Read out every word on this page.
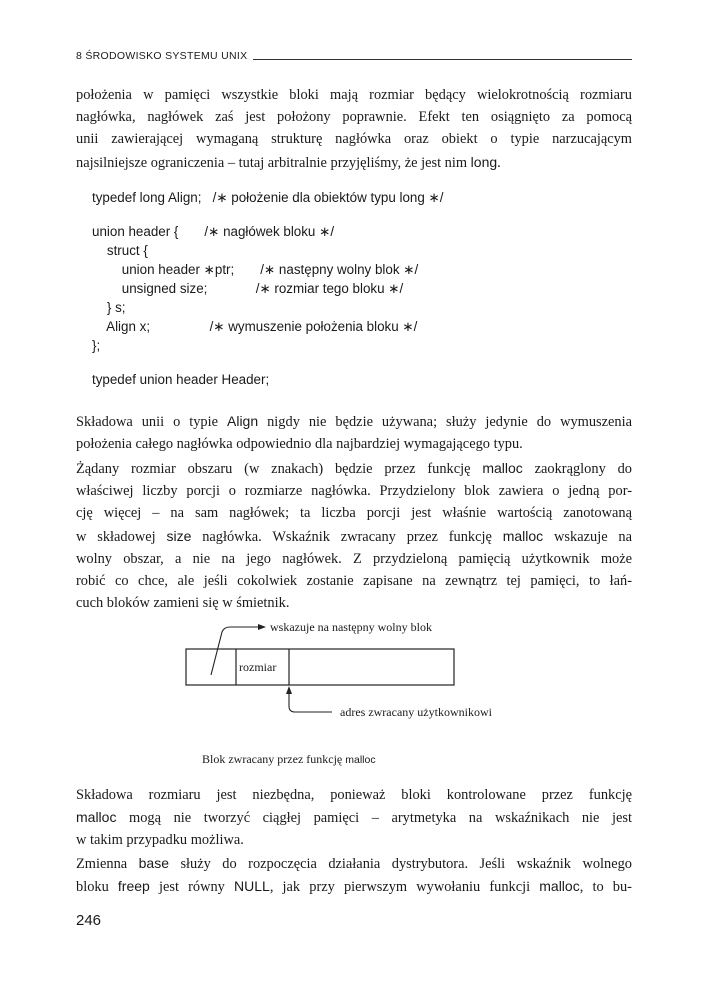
8 ŚRODOWISKO SYSTEMU UNIX
położenia w pamięci wszystkie bloki mają rozmiar będący wielokrotnością rozmiaru
nagłówka, nagłówek zaś jest położony poprawnie. Efekt ten osiągnięto za pomocą
unii zawierającej wymaganą strukturę nagłówka oraz obiekt o typie narzucającym
najsilniejsze ograniczenia – tutaj arbitralnie przyjęliśmy, że jest nim long.
typedef long Align;   /∗ położenie dla obiektów typu long ∗/
union header {       /∗ nagłówek bloku ∗/
struct {
union header ∗ptr;       /∗ następny wolny blok ∗/
unsigned size;             /∗ rozmiar tego bloku ∗/
} s;
Align x;                /∗ wymuszenie położenia bloku ∗/
};
typedef union header Header;
Składowa unii o typie Align nigdy nie będzie używana; służy jedynie do wymuszenia
położenia całego nagłówka odpowiednio dla najbardziej wymagającego typu.
Żądany rozmiar obszaru (w znakach) będzie przez funkcję malloc zaokrąglony do
właściwej liczby porcji o rozmiarze nagłówka. Przydzielony blok zawiera o jedną por-
cję więcej – na sam nagłówek; ta liczba porcji jest właśnie wartością zanotowaną
w składowej size nagłówka. Wskaźnik zwracany przez funkcję malloc wskazuje na
wolny obszar, a nie na jego nagłówek. Z przydzieloną pamięcią użytkownik może
robić co chce, ale jeśli cokolwiek zostanie zapisane na zewnątrz tej pamięci, to łań-
cuch bloków zamieni się w śmietnik.
wskazuje na następny wolny blok
rozmiar
adres zwracany użytkownikowi
Blok zwracany przez funkcję malloc
Składowa rozmiaru jest niezbędna, ponieważ bloki kontrolowane przez funkcję
malloc mogą nie tworzyć ciągłej pamięci – arytmetyka na wskaźnikach nie jest
w takim przypadku możliwa.
Zmienna base służy do rozpoczęcia działania dystrybutora. Jeśli wskaźnik wolnego
bloku freep jest równy NULL, jak przy pierwszym wywołaniu funkcji malloc, to bu-
246
